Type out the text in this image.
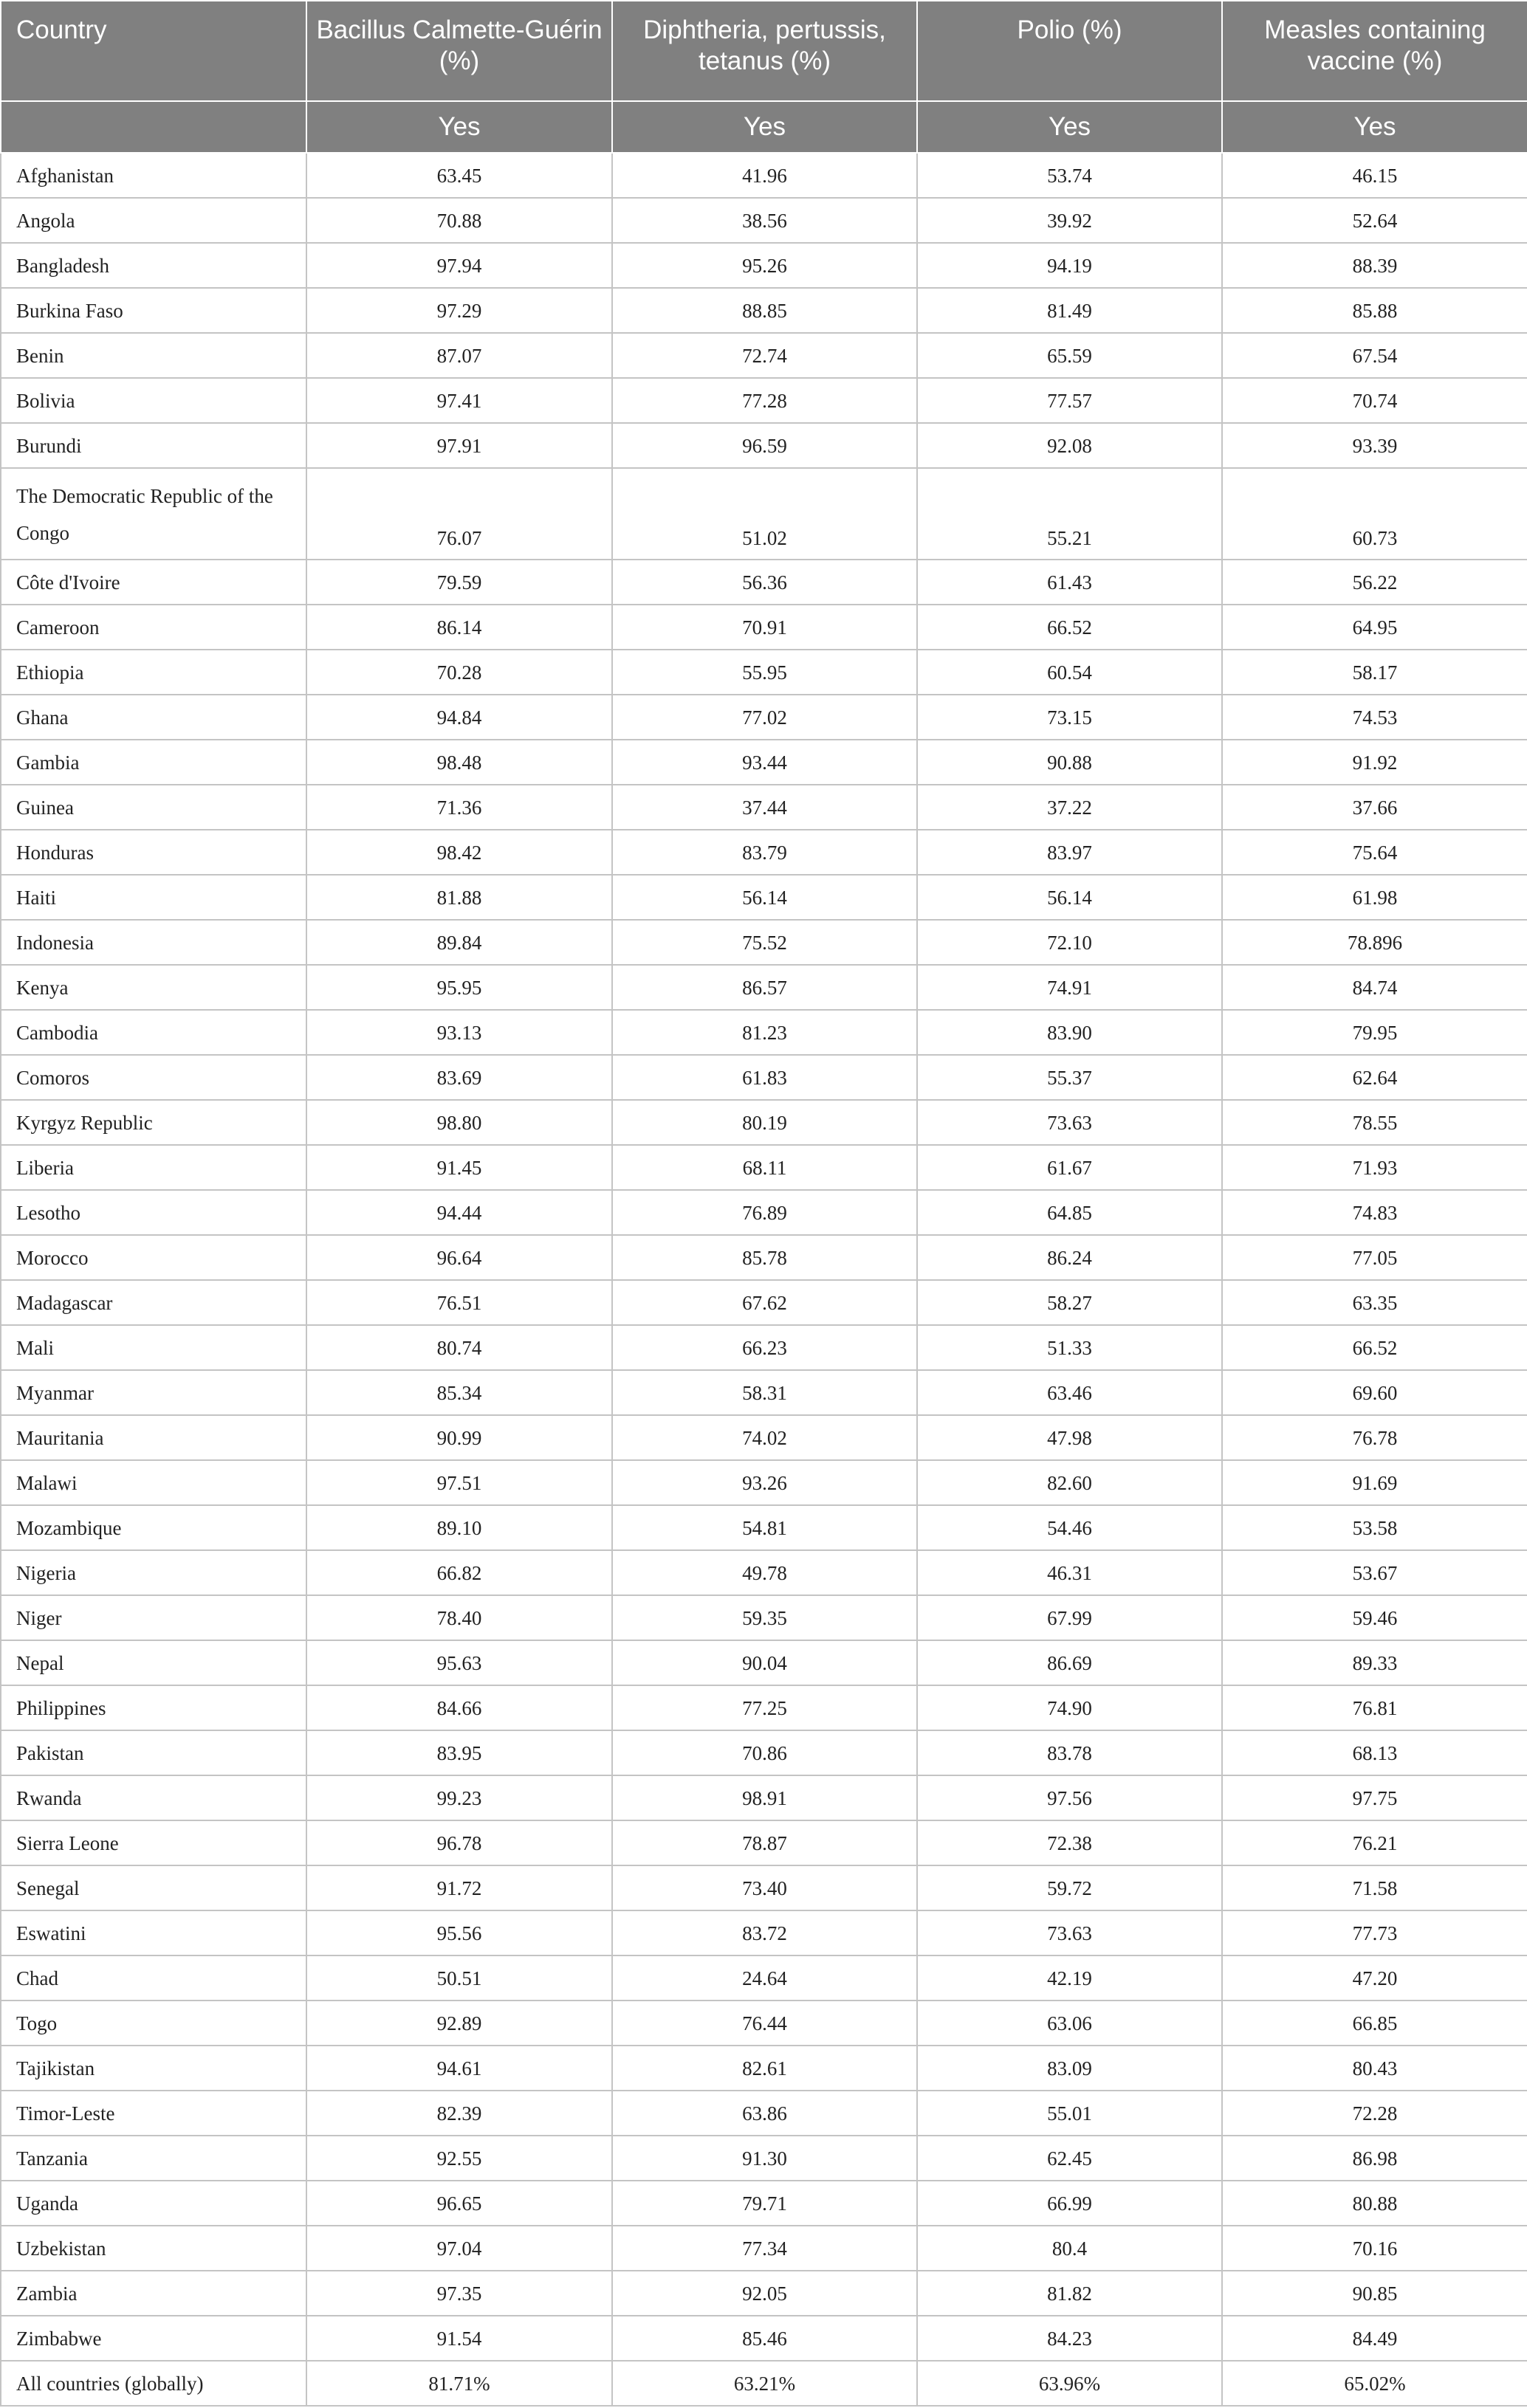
Country	Bacillus Calmette-Guérin (%)	Diphtheria, pertussis, tetanus (%)	Polio (%)	Measles containing vaccine (%)
	Yes	Yes	Yes	Yes
Afghanistan	63.45	41.96	53.74	46.15
Angola	70.88	38.56	39.92	52.64
Bangladesh	97.94	95.26	94.19	88.39
Burkina Faso	97.29	88.85	81.49	85.88
Benin	87.07	72.74	65.59	67.54
Bolivia	97.41	77.28	77.57	70.74
Burundi	97.91	96.59	92.08	93.39
The Democratic Republic of the Congo	76.07	51.02	55.21	60.73
Côte d'Ivoire	79.59	56.36	61.43	56.22
Cameroon	86.14	70.91	66.52	64.95
Ethiopia	70.28	55.95	60.54	58.17
Ghana	94.84	77.02	73.15	74.53
Gambia	98.48	93.44	90.88	91.92
Guinea	71.36	37.44	37.22	37.66
Honduras	98.42	83.79	83.97	75.64
Haiti	81.88	56.14	56.14	61.98
Indonesia	89.84	75.52	72.10	78.896
Kenya	95.95	86.57	74.91	84.74
Cambodia	93.13	81.23	83.90	79.95
Comoros	83.69	61.83	55.37	62.64
Kyrgyz Republic	98.80	80.19	73.63	78.55
Liberia	91.45	68.11	61.67	71.93
Lesotho	94.44	76.89	64.85	74.83
Morocco	96.64	85.78	86.24	77.05
Madagascar	76.51	67.62	58.27	63.35
Mali	80.74	66.23	51.33	66.52
Myanmar	85.34	58.31	63.46	69.60
Mauritania	90.99	74.02	47.98	76.78
Malawi	97.51	93.26	82.60	91.69
Mozambique	89.10	54.81	54.46	53.58
Nigeria	66.82	49.78	46.31	53.67
Niger	78.40	59.35	67.99	59.46
Nepal	95.63	90.04	86.69	89.33
Philippines	84.66	77.25	74.90	76.81
Pakistan	83.95	70.86	83.78	68.13
Rwanda	99.23	98.91	97.56	97.75
Sierra Leone	96.78	78.87	72.38	76.21
Senegal	91.72	73.40	59.72	71.58
Eswatini	95.56	83.72	73.63	77.73
Chad	50.51	24.64	42.19	47.20
Togo	92.89	76.44	63.06	66.85
Tajikistan	94.61	82.61	83.09	80.43
Timor-Leste	82.39	63.86	55.01	72.28
Tanzania	92.55	91.30	62.45	86.98
Uganda	96.65	79.71	66.99	80.88
Uzbekistan	97.04	77.34	80.4	70.16
Zambia	97.35	92.05	81.82	90.85
Zimbabwe	91.54	85.46	84.23	84.49
All countries (globally)	81.71%	63.21%	63.96%	65.02%
